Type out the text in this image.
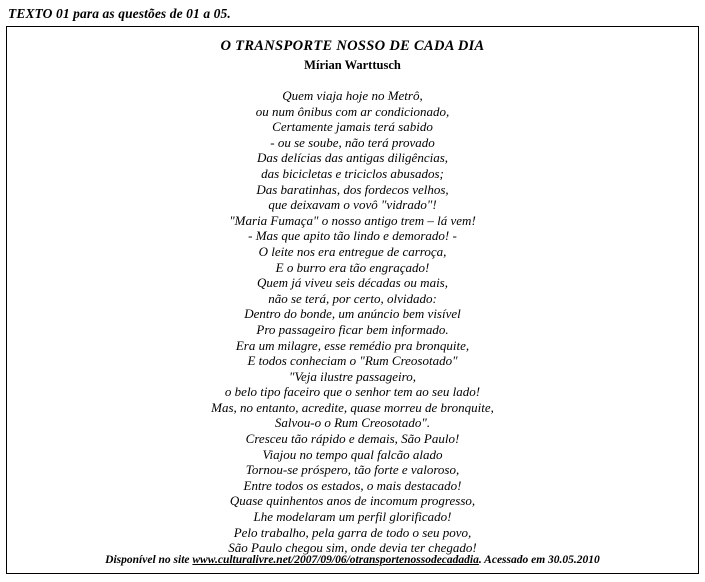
TEXTO 01 para as questões de 01 a 05.
O TRANSPORTE NOSSO DE CADA DIA
Mírian Warttusch
Quem viaja hoje no Metrô,
ou num ônibus com ar condicionado,
Certamente jamais terá sabido
- ou se soube, não terá provado
Das delícias das antigas diligências,
das bicicletas e triciclos abusados;
Das baratinhas, dos fordecos velhos,
que deixavam o vovô "vidrado"!
"Maria Fumaça" o nosso antigo trem – lá vem!
- Mas que apito tão lindo e demorado! -
O leite nos era entregue de carroça,
E o burro era tão engraçado!
Quem já viveu seis décadas ou mais,
não se terá, por certo, olvidado:
Dentro do bonde, um anúncio bem visível
Pro passageiro ficar bem informado.
Era um milagre, esse remédio pra bronquite,
E todos conheciam o "Rum Creosotado"
"Veja ilustre passageiro,
o belo tipo faceiro que o senhor tem ao seu lado!
Mas, no entanto, acredite, quase morreu de bronquite,
Salvou-o o Rum Creosotado".
Cresceu tão rápido e demais, São Paulo!
Viajou no tempo qual falcão alado
Tornou-se próspero, tão forte e valoroso,
Entre todos os estados, o mais destacado!
Quase quinhentos anos de incomum progresso,
Lhe modelaram um perfil glorificado!
Pelo trabalho, pela garra de todo o seu povo,
São Paulo chegou sim, onde devia ter chegado!
Disponível no site www.culturalivre.net/2007/09/06/otransportenossodecadadia. Acessado em 30.05.2010
